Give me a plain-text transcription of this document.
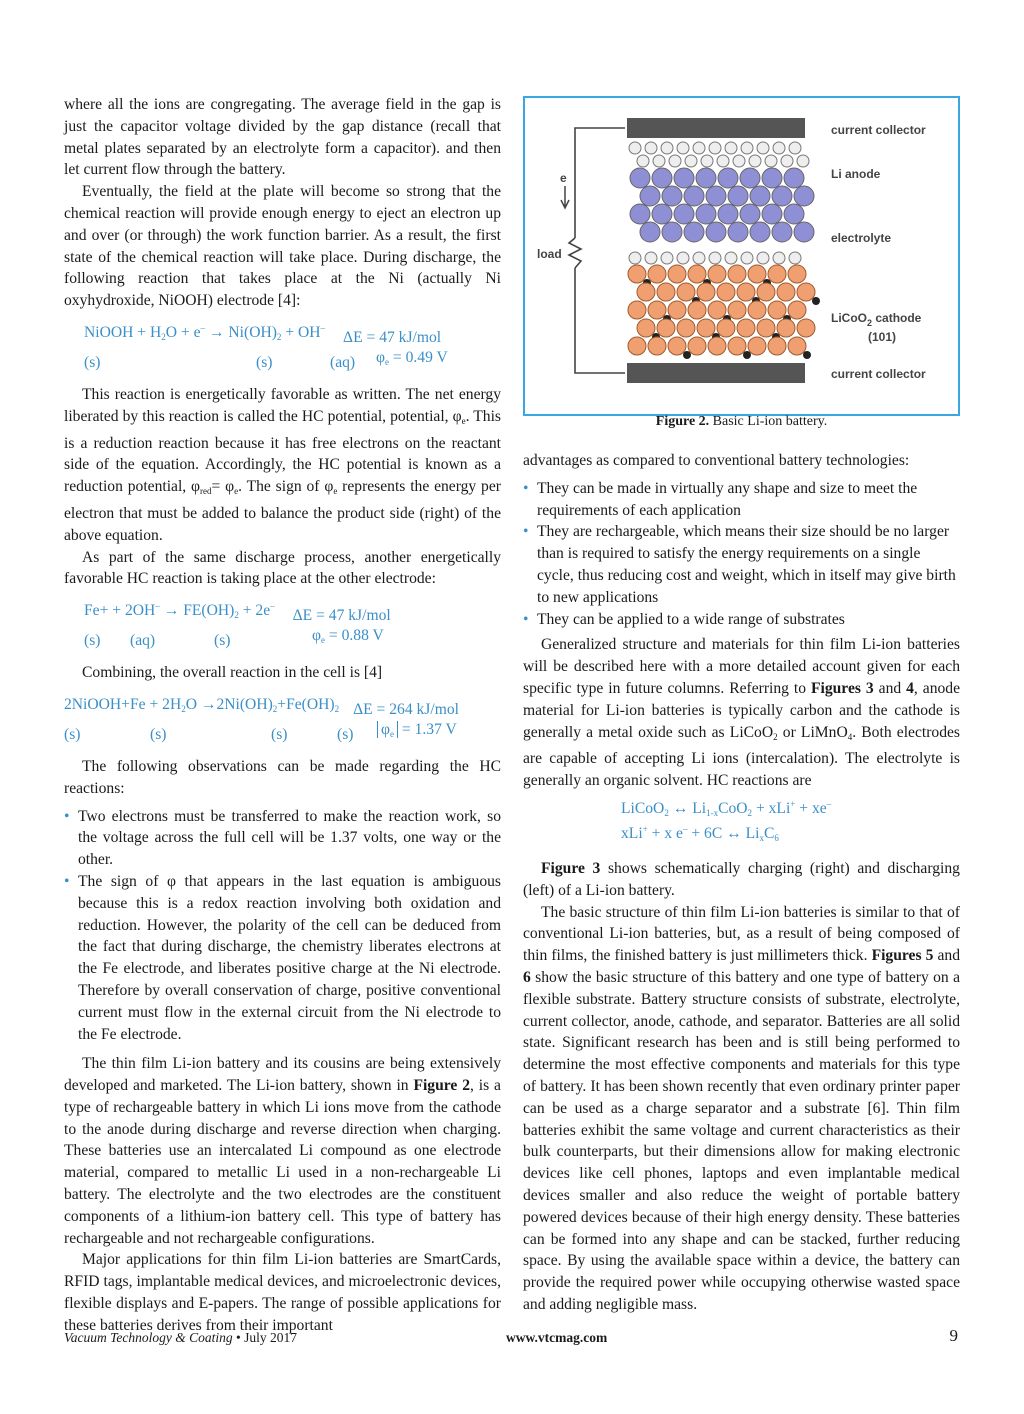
where all the ions are congregating. The average field in the gap is just the capacitor voltage divided by the gap distance (recall that metal plates separated by an electrolyte form a capacitor). and then let current flow through the battery.

Eventually, the field at the plate will become so strong that the chemical reaction will provide enough energy to eject an electron up and over (or through) the work function barrier. As a result, the first state of the chemical reaction will take place. During discharge, the following reaction that takes place at the Ni (actually Ni oxyhydroxide, NiOOH) electrode [4]:

NiOOH + $H_2O + e^- \to Ni(OH)_2 + OH^-$
ΔE = 47 kJ/mol
(s)	(s)	(aq)	$\varphi_e = 0.49$ V

This reaction is energetically favorable as written. The net energy liberated by this reaction is called the HC potential, potential, $\varphi_e$. This is a reduction reaction because it has free electrons on the reactant side of the equation. Accordingly, the HC potential is known as a reduction potential, $\varphi_{red}= \varphi_e$. The sign of $\varphi_e$ represents the energy per electron that must be added to balance the product side (right) of the above equation.

As part of the same discharge process, another energetically favorable HC reaction is taking place at the other electrode:

$Fe+ + 2OH^- \to FE(OH)_2 + 2e^-$
ΔE = 47 kJ/mol
(s)	(aq)	(s)	$\varphi_e = 0.88$ V

Combining, the overall reaction in the cell is [4]

2NiOOH+Fe + $2H_2O \to 2Ni(OH)_2+Fe(OH)_2$ ΔE = 264 kJ/mol
(s)	(s)	(s)	(s)	$\varphi_e = 1.37$ V

The following observations can be made regarding the HC reactions:

• Two electrons must be transferred to make the reaction work, so the voltage across the full cell will be 1.37 volts, one way or the other.
• The sign of φ that appears in the last equation is ambiguous because this is a redox reaction involving both oxidation and reduction. However, the polarity of the cell can be deduced from the fact that during discharge, the chemistry liberates electrons at the Fe electrode, and liberates positive charge at the Ni electrode. Therefore by overall conservation of charge, positive conventional current must flow in the external circuit from the Ni electrode to the Fe electrode.

The thin film Li-ion battery and its cousins are being extensively developed and marketed. The Li-ion battery, shown in Figure 2, is a type of rechargeable battery in which Li ions move from the cathode to the anode during discharge and reverse direction when charging. These batteries use an intercalated Li compound as one electrode material, compared to metallic Li used in a non-rechargeable Li battery. The electrolyte and the two electrodes are the constituent components of a lithium-ion battery cell. This type of battery has rechargeable and not rechargeable configurations.

Major applications for thin film Li-ion batteries are SmartCards, RFID tags, implantable medical devices, and microelectronic devices, flexible displays and E-papers. The range of possible applications for these batteries derives from their important

e
load
current collector
Li anode
electrolyte
LiCoO$_2$ cathode
(101)
current collector
Figure 2. Basic Li-ion battery.

advantages as compared to conventional battery technologies:

• They can be made in virtually any shape and size to meet the requirements of each application
• They are rechargeable, which means their size should be no larger than is required to satisfy the energy requirements on a single cycle, thus reducing cost and weight, which in itself may give birth to new applications
• They can be applied to a wide range of substrates

Generalized structure and materials for thin film Li-ion batteries will be described here with a more detailed account given for each specific type in future columns. Referring to Figures 3 and 4, anode material for Li-ion batteries is typically carbon and the cathode is generally a metal oxide such as LiCoO$_2$ or LiMnO$_4$. Both electrodes are capable of accepting Li ions (intercalation). The electrolyte is generally an organic solvent. HC reactions are

LiCoO$_2$ ↔ $Li_{1-x}CoO_2 + xLi^+ + xe^-$
xLi+ + x e– + 6C ↔ $Li_xC_6$

Figure 3 shows schematically charging (right) and discharging (left) of a Li-ion battery.

The basic structure of thin film Li-ion batteries is similar to that of conventional Li-ion batteries, but, as a result of being composed of thin films, the finished battery is just millimeters thick. Figures 5 and 6 show the basic structure of this battery and one type of battery on a flexible substrate. Battery structure consists of substrate, electrolyte, current collector, anode, cathode, and separator. Batteries are all solid state. Significant research has been and is still being performed to determine the most effective components and materials for this type of battery. It has been shown recently that even ordinary printer paper can be used as a charge separator and a substrate [6]. Thin film batteries exhibit the same voltage and current characteristics as their bulk counterparts, but their dimensions allow for making electronic devices like cell phones, laptops and even implantable medical devices smaller and also reduce the weight of portable battery powered devices because of their high energy density. These batteries can be formed into any shape and can be stacked, further reducing space. By using the available space within a device, the battery can provide the required power while occupying otherwise wasted space and adding negligible mass.

Vacuum Technology & Coating • July 2017	www.vtcmag.com	9
